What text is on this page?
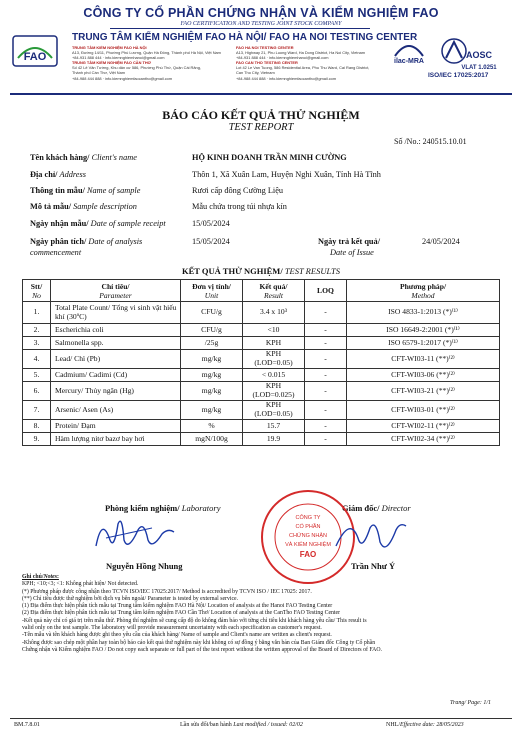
CÔNG TY CỔ PHẦN CHỨNG NHẬN VÀ KIỂM NGHIỆM FAO
FAO CERTIFICATION AND TESTING JOINT STOCK COMPANY
FAO
TRUNG TÂM KIỂM NGHIỆM FAO HÀ NỘI/ FAO HA NOI TESTING CENTER
TRUNG TÂM KIỂM NGHIỆM FAO HÀ NỘI
A13, Đường 14/11, Phường Phú Lương, Quận Hà Đông, Thành phố Hà Nội, Việt Nam
+84-931 888 444 · info.kiemnghiemhanoi@gmail.com
TRUNG TÂM KIỂM NGHIỆM FAO CẦN THƠ
Số 42 Lê Văn Tường, Khu dân cư 586, Phường Phú Thứ, Quận Cái Răng,
Thành phố Cần Thơ, Việt Nam
+84-988 444 888 · info.kiemnghiemfaocantho@gmail.com
FAO HA NOI TESTING CENTER
A13, Highway 21, Phu Luong Ward, Ha Dong District, Ha Noi City, Vietnam
+84-931 888 444 · info.kiemnghiemhanoi@gmail.com
FAO CAN THO TESTING CENTER
Lot 42 Le Van Tuong, 586 Residential Area, Phu Thu Ward, Cai Rang District,
Can Tho City, Vietnam
+84-988 444 888 · info.kiemnghiemfaocantho@gmail.com
ilac-MRA
AOSC
VLAT 1.0251
ISO/IEC 17025:2017
BÁO CÁO KẾT QUẢ THỬ NGHIỆM
TEST REPORT
Số /No.: 240515.10.01
Tên khách hàng/ Client's name	HỘ KINH DOANH TRẦN MINH CƯỜNG
Địa chỉ/ Address	Thôn 1, Xã Xuân Lam, Huyện Nghi Xuân, Tỉnh Hà Tĩnh
Thông tin mẫu/ Name of sample	Rươi cấp đông Cường Liệu
Mô tả mẫu/ Sample description	Mẫu chứa trong túi nhựa kín
Ngày nhận mẫu/ Date of sample receipt	15/05/2024
Ngày phân tích/ Date of analysis
commencement
15/05/2024	Ngày trả kết quả/
Date of Issue
24/05/2024
KẾT QUẢ THỬ NGHIỆM/ TEST RESULTS
Stt/
No	Chỉ tiêu/
Parameter	Đơn vị tính/
Unit	Kết quả/
Result	LOQ	Phương pháp/
Method
1.	Total Plate Count/ Tổng vi sinh vật hiếu khí (30ºC)	CFU/g	3.4 x 10³	-	ISO 4833-1:2013 (*)⁽¹⁾
2.	Escherichia coli	CFU/g	<10	-	ISO 16649-2:2001 (*)⁽¹⁾
3.	Salmonella spp.	/25g	KPH	-	ISO 6579-1:2017 (*)⁽¹⁾
4.	Lead/ Chì (Pb)	mg/kg	KPH
(LOD=0.05)	-	CFT-WI03-11 (**)⁽²⁾
5.	Cadmium/ Cadimi (Cd)	mg/kg	< 0.015	-	CFT-WI03-06 (**)⁽²⁾
6.	Mercury/ Thủy ngân (Hg)	mg/kg	KPH
(LOD=0.025)	-	CFT-WI03-21 (**)⁽²⁾
7.	Arsenic/ Asen (As)	mg/kg	KPH
(LOD=0.05)	-	CFT-WI03-01 (**)⁽²⁾
8.	Protein/ Đạm	%	15.7	-	CFT-WI02-11 (**)⁽²⁾
9.	Hàm lượng nitơ bazơ bay hơi	mgN/100g	19.9	-	CFT-WI02-34 (**)⁽²⁾
Phòng kiểm nghiệm/ Laboratory
Nguyễn Hồng Nhung
Giám đốc/ Director
CÔNG TY
CỔ PHẦN
CHỨNG NHẬN
VÀ KIỂM NGHIỆM
FAO
Trần Như Ý
Ghi chú/Notes:
KPH; <10;<3; <1: Không phát hiện/ Not detected.
(*) Phương pháp được công nhận theo TCVN ISO/IEC 17025:2017/ Method is accredited by TCVN ISO / IEC 17025: 2017.
(**) Chỉ tiêu được thử nghiệm bởi dịch vụ bên ngoài/ Parameter is tested by external service.
(1) Địa điểm thực hiện phân tích mẫu tại Trung tâm kiểm nghiệm FAO Hà Nội/ Location of analysis at the Hanoi FAO Testing Center
(2) Địa điểm thực hiện phân tích mẫu tại Trung tâm kiểm nghiệm FAO Cần Thơ/ Location of analysis at the CanTho FAO Testing Center
-Kết quả này chỉ có giá trị trên mẫu thử. Phòng thí nghiệm sẽ cung cấp độ do không đảm bảo với từng chỉ tiêu khi khách hàng yêu cầu/ This result is
valid only on the test sample. The laboratory will provide measurement uncertainty with each specification as customer's request.
-Tên mẫu và tên khách hàng được ghi theo yêu cầu của khách hàng/ Name of sample and Client's name are written as client's request.
-Không được sao chép một phần hay toàn bộ báo cáo kết quả thử nghiệm này khi không có sự đồng ý bằng văn bản của Ban Giám đốc Công ty Cổ phần
Chứng nhận và Kiểm nghiệm FAO / Do not copy each separate or full part of the test report without the written approval of the Board of Directors of FAO.
Trang/ Page: 1/1
BM.7.8.01	Lần sửa đổi/ban hành Last modified / issued: 02/02	NHL/Effective date: 28/05/2023
